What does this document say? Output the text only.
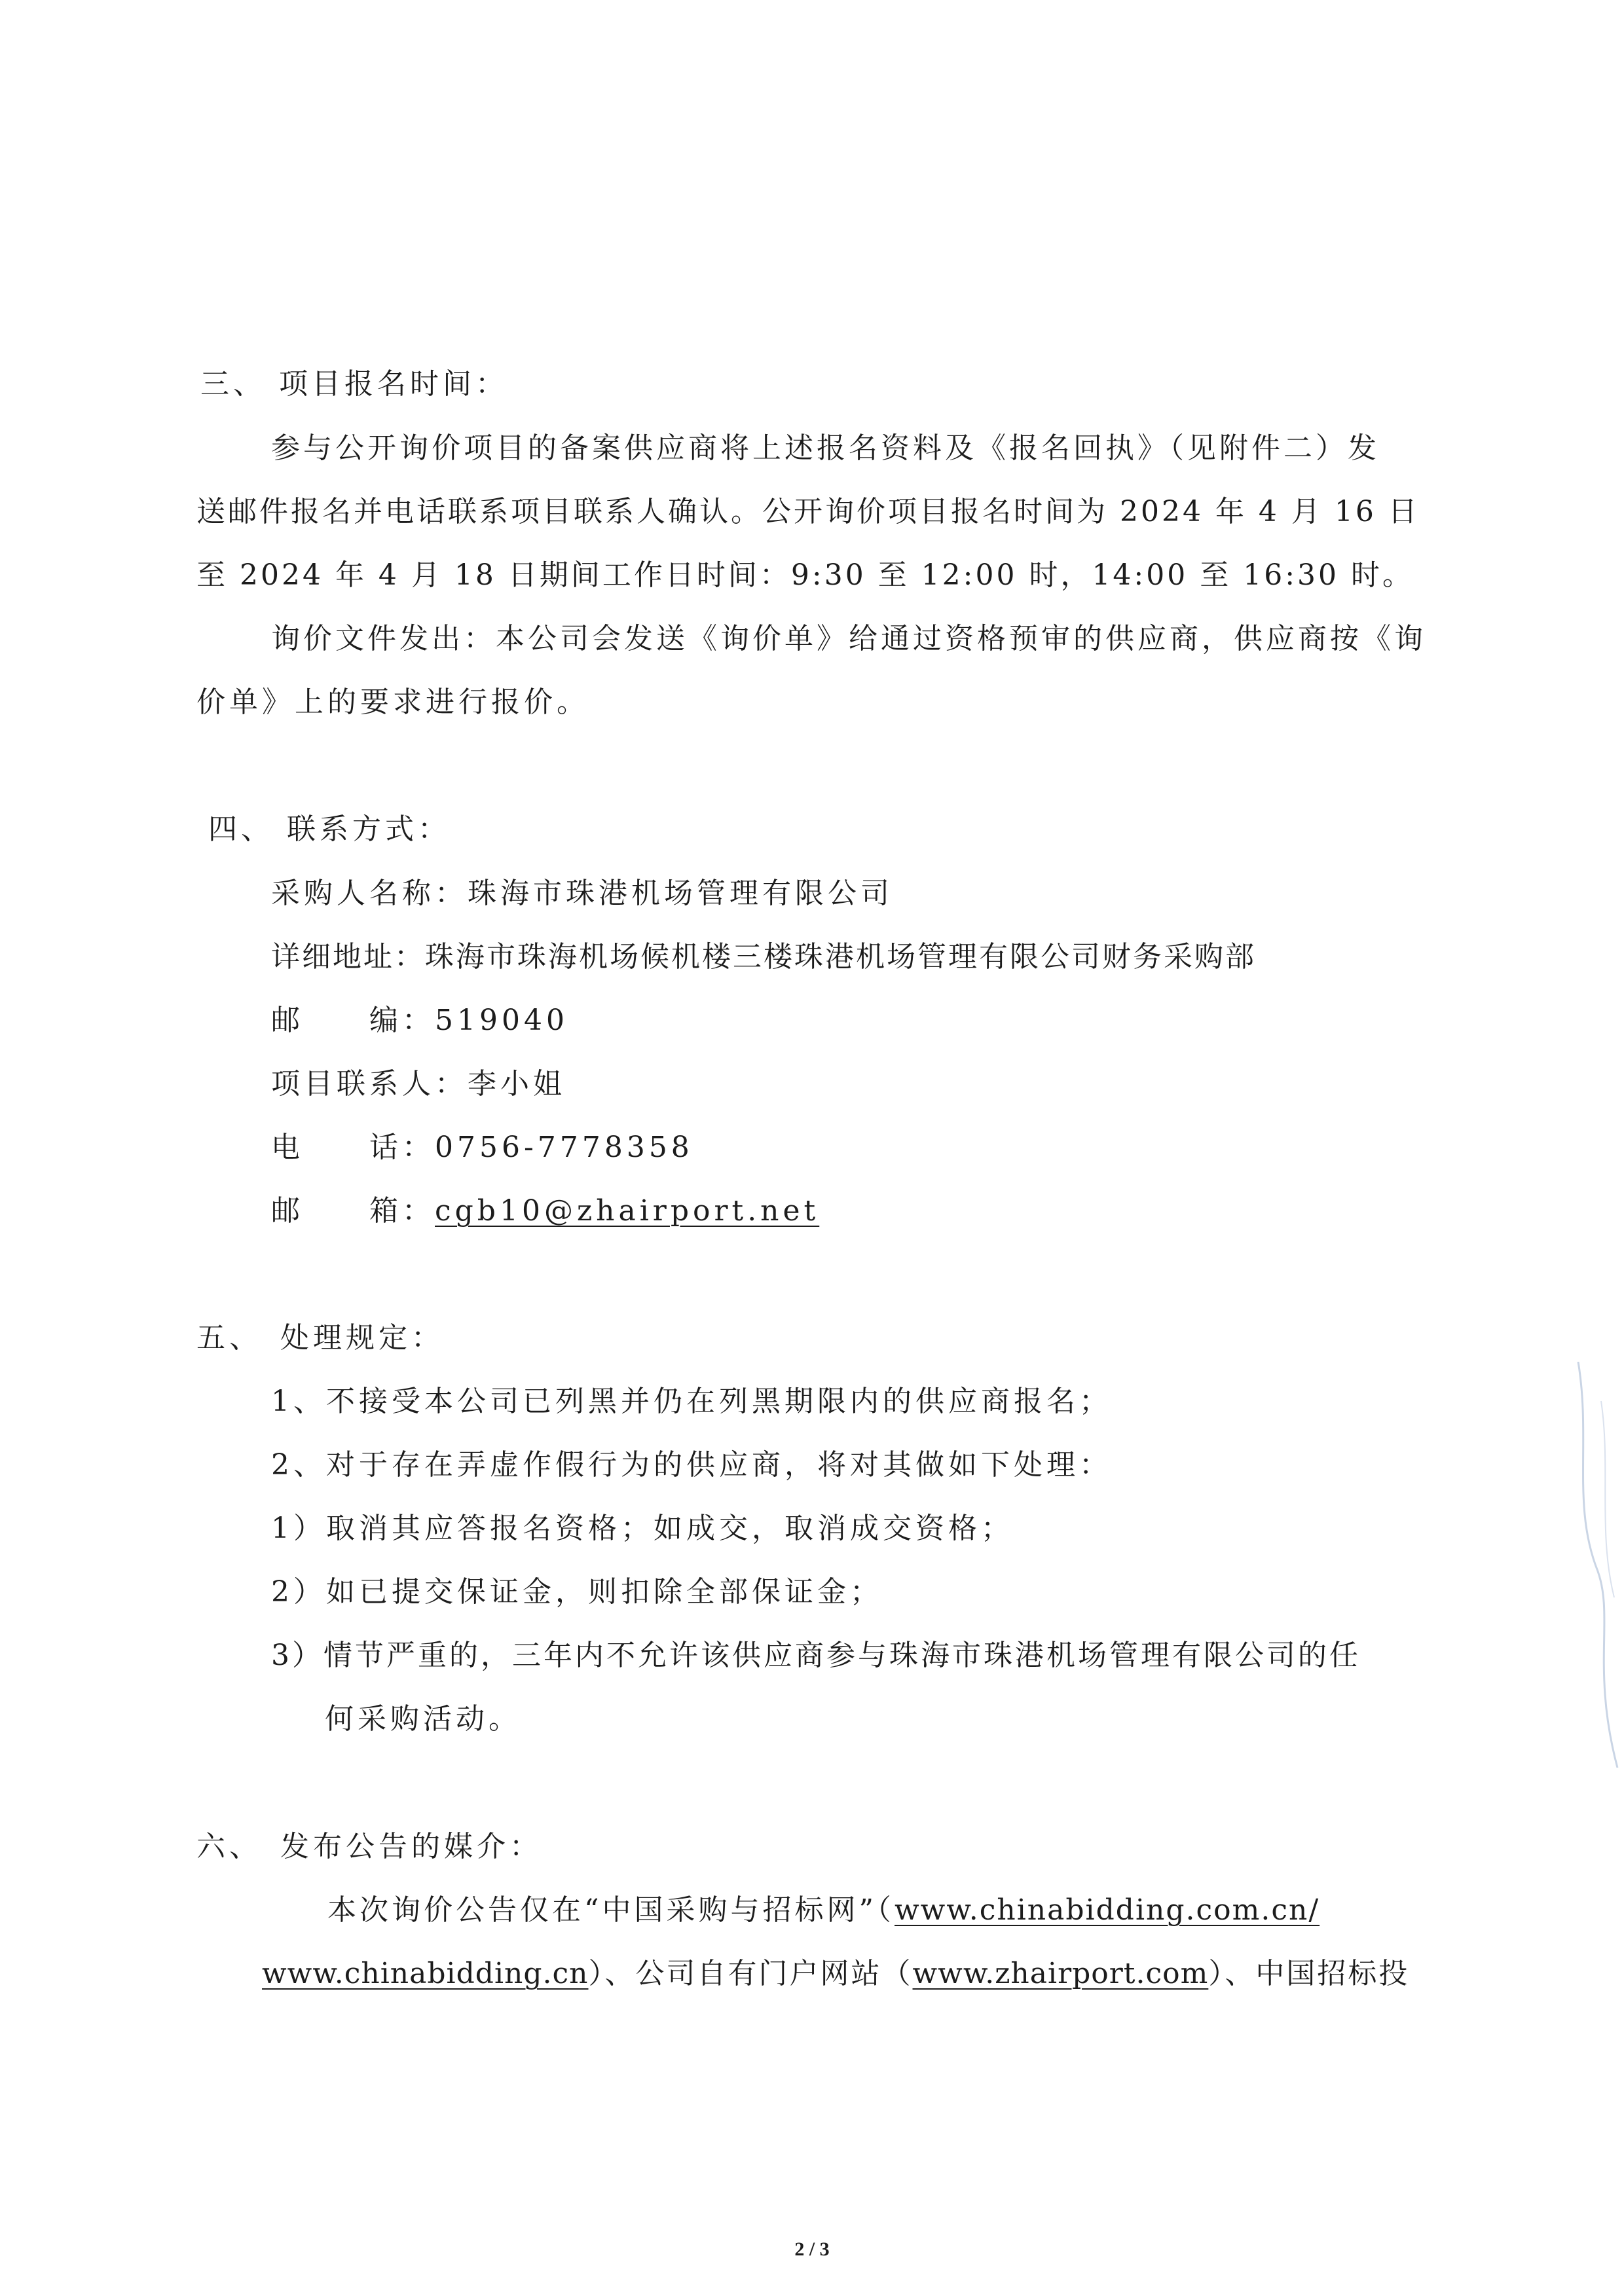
三、 项目报名时间：
参与公开询价项目的备案供应商将上述报名资料及《报名回执》（见附件二）发
送邮件报名并电话联系项目联系人确认。公开询价项目报名时间为 2024 年 4 月 16 日
至 2024 年 4 月 18 日期间工作日时间：9:30 至 12:00 时，14:00 至 16:30 时。
询价文件发出：本公司会发送《询价单》给通过资格预审的供应商，供应商按《询
价单》上的要求进行报价。
四、 联系方式：
采购人名称：珠海市珠港机场管理有限公司
详细地址：珠海市珠海机场候机楼三楼珠港机场管理有限公司财务采购部
邮　　编：519040
项目联系人：李小姐
电　　话：0756-7778358
邮　　箱：cgb10@zhairport.net
五、　处理规定：
1、不接受本公司已列黑并仍在列黑期限内的供应商报名；
2、对于存在弄虚作假行为的供应商，将对其做如下处理：
1）取消其应答报名资格；如成交，取消成交资格；
2）如已提交保证金，则扣除全部保证金；
3）情节严重的，三年内不允许该供应商参与珠海市珠港机场管理有限公司的任
何采购活动。
六、　发布公告的媒介：
本次询价公告仅在“中国采购与招标网”（www.chinabidding.com.cn/
www.chinabidding.cn）、公司自有门户网站（www.zhairport.com）、中国招标投
2 / 3
